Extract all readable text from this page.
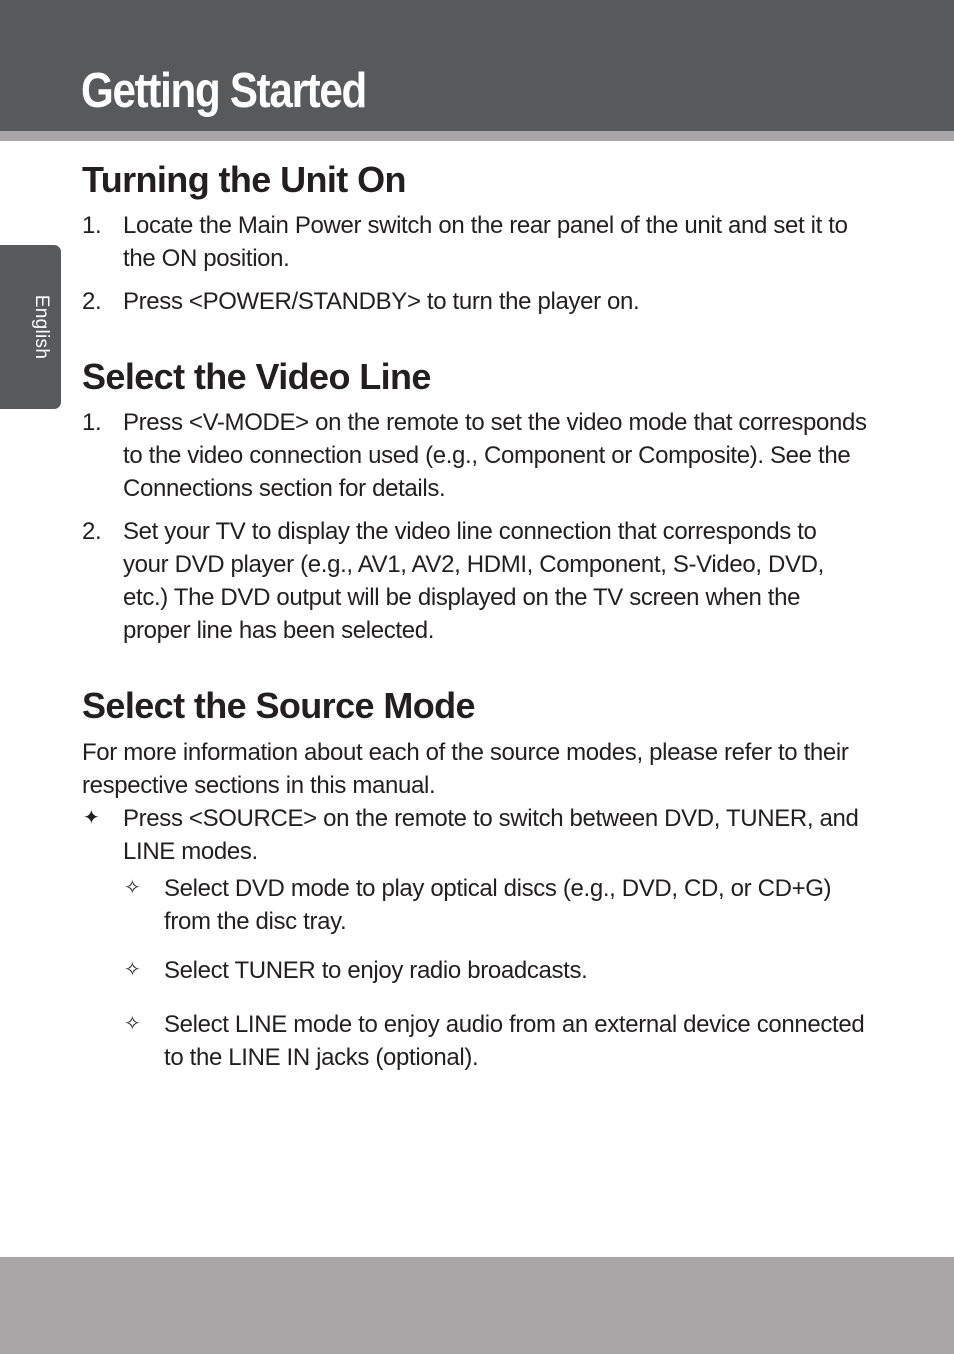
Getting Started
English
Turning the Unit On
1. Locate the Main Power switch on the rear panel of the unit and set it to the ON position.
2. Press <POWER/STANDBY> to turn the player on.
Select the Video Line
1. Press <V-MODE> on the remote to set the video mode that corresponds to the video connection used (e.g., Component or Composite). See the Connections section for details.
2. Set your TV to display the video line connection that corresponds to your DVD player (e.g., AV1, AV2, HDMI, Component, S-Video, DVD, etc.) The DVD output will be displayed on the TV screen when the proper line has been selected.
Select the Source Mode

For more information about each of the source modes, please refer to their respective sections in this manual.

✦ Press <SOURCE> on the remote to switch between DVD, TUNER, and LINE modes.
✧ Select DVD mode to play optical discs (e.g., DVD, CD, or CD+G) from the disc tray.
✧ Select TUNER to enjoy radio broadcasts.
✧ Select LINE mode to enjoy audio from an external device connected to the LINE IN jacks (optional).
